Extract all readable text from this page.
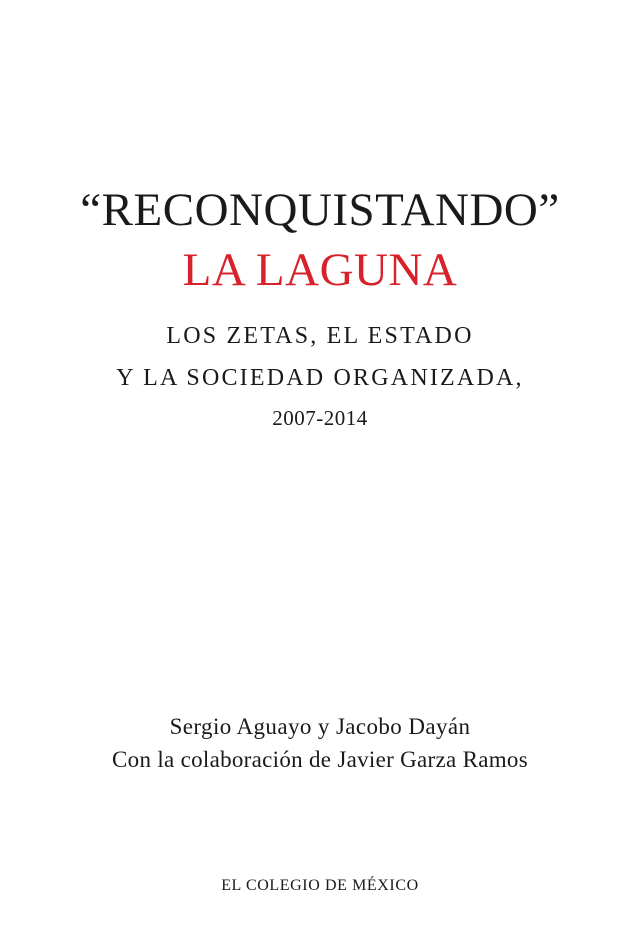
“RECONQUISTANDO”
LA LAGUNA
LOS ZETAS, EL ESTADO
Y LA SOCIEDAD ORGANIZADA,
2007-2014
Sergio Aguayo y Jacobo Dayán
Con la colaboración de Javier Garza Ramos
EL COLEGIO DE MÉXICO
